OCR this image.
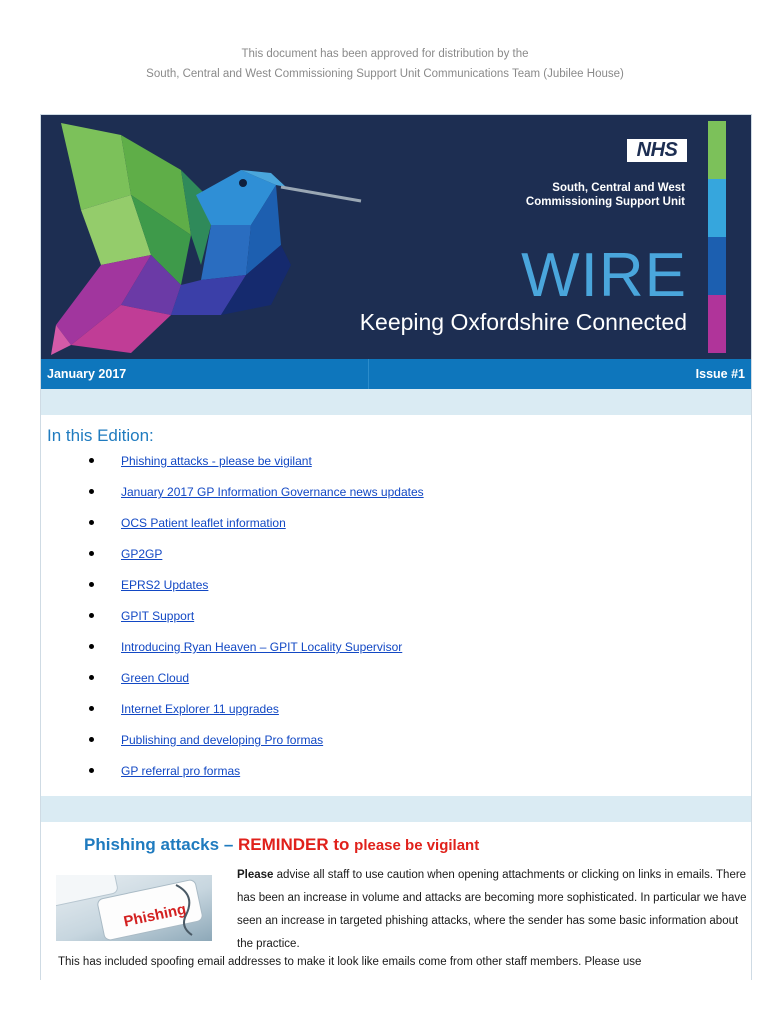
This document has been approved for distribution by the
South, Central and West Commissioning Support Unit Communications Team (Jubilee House)
NHS
South, Central and West
Commissioning Support Unit
WIRE
Keeping Oxfordshire Connected
January 2017	Issue #1
In this Edition:
Phishing attacks - please be vigilant
January 2017 GP Information Governance news updates
OCS Patient leaflet information
GP2GP
EPRS2 Updates
GPIT Support
Introducing Ryan Heaven – GPIT Locality Supervisor
Green Cloud
Internet Explorer 11 upgrades
Publishing and developing Pro formas
GP referral pro formas
Phishing attacks – REMINDER to please be vigilant
Phishing
Please advise all staff to use caution when opening attachments or clicking on links in emails. There has been an increase in volume and attacks are becoming more sophisticated. In particular we have seen an increase in targeted phishing attacks, where the sender has some basic information about the practice.
This has included spoofing email addresses to make it look like emails come from other staff members. Please use
